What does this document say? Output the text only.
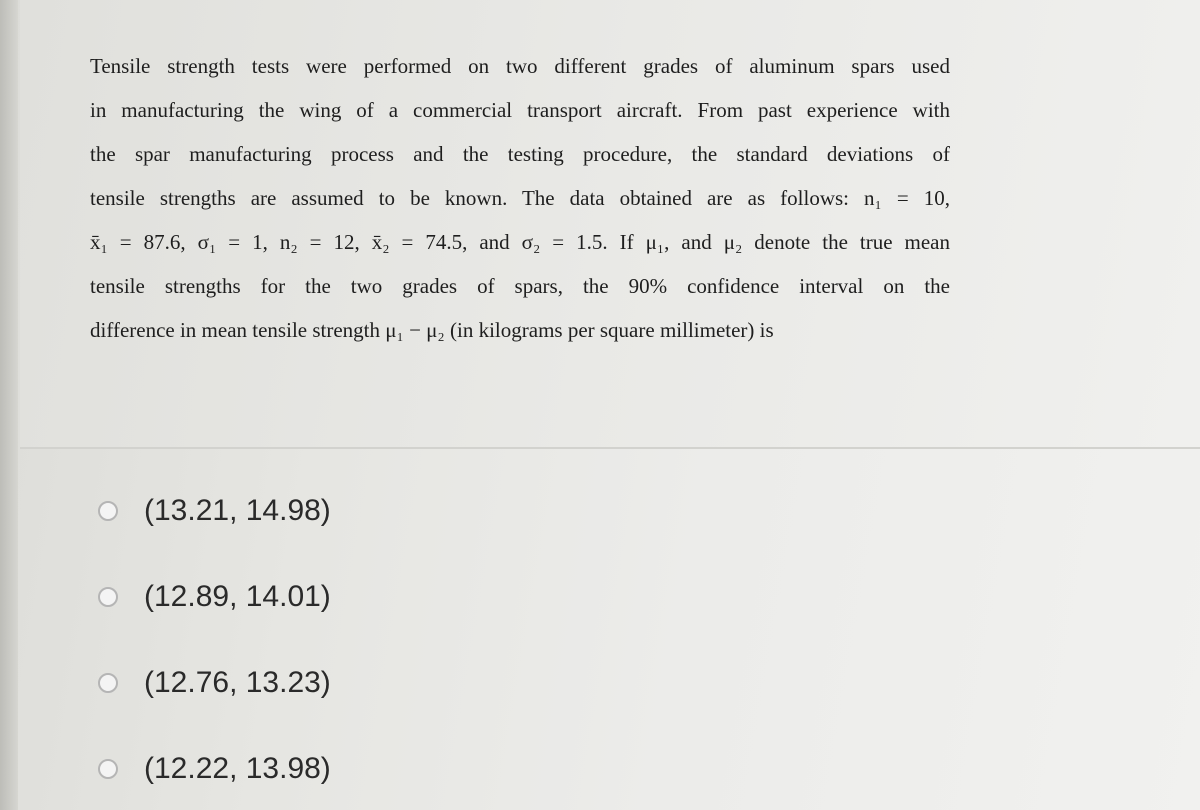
Tensile strength tests were performed on two different grades of aluminum spars used
in manufacturing the wing of a commercial transport aircraft. From past experience with
the spar manufacturing process and the testing procedure, the standard deviations of
tensile strengths are assumed to be known. The data obtained are as follows: n₁ = 10,
x̄₁ = 87.6, σ₁ = 1, n₂ = 12, x̄₂ = 74.5, and σ₂ = 1.5. If μ₁, and μ₂ denote the true mean
tensile strengths for the two grades of spars, the 90% confidence interval on the
difference in mean tensile strength μ₁ − μ₂ (in kilograms per square millimeter) is
(13.21, 14.98)
(12.89, 14.01)
(12.76, 13.23)
(12.22, 13.98)
